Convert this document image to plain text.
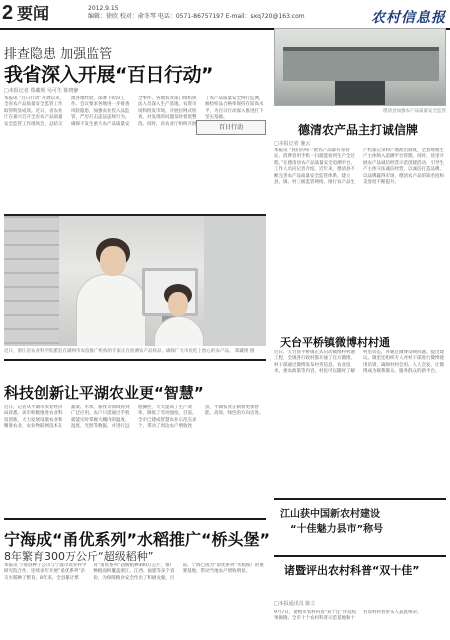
2 要闻	2012.9.15
编辑：徐欣 校对：俞冬琴 电话：0571-86757197 E-mail：sxq720@163.com	农村信息报
排查隐患 加强监管
我省深入开展“百日行动”
□本报记者 郑藏规 吴可生 陈晓静
本报讯 “百日行动”开展以来，全省农产品质量安全监管工作取得明显成效。近日，省农业厅在嘉兴召开全省农产品质量安全监管工作现场会，总结交流各地经验，部署下阶段工作。会议要求各地进一步排查风险隐患，加强农业投入品监管，严厉打击违法违规行为，确保不发生重大农产品质量安全事件。各地农业部门组织执法人员深入生产基地、农资市场和批发市场，开展拉网式检查，对发现的问题及时督促整改。同时，省农业厅组织开展了农产品质量安全例行监测，抽检样品合格率保持在较高水平，为百日行动深入推进打下坚实基础。
百日行动
近日，浙江省农业科学院派驻在湖州市农技推广机构的专家正在检测农产品样品，确保广大市民吃上放心的农产品。 郑藏规 摄
科技创新让平湖农业更“智慧”
近日，记者从平湖市农业经济局获悉，该市积极推进农业科技创新，大力发展设施农业和精准农业，农业物联网技术在蔬菜、水果、畜牧等领域得到广泛应用。农户只需通过手机就能实时掌握大棚内的温度、湿度、光照等数据，并进行远程操控，大大提高了生产效率，降低了劳动强度。目前，全市已建成智慧农业示范点多个，带动了周边农户增收致富，平湖农业正朝着更加智能、高效、绿色的方向迈进。
宁海成“甬优系列”水稻推广“桥头堡”
8年繁育300万公斤“超级稻种”
本报讯 宁海县种子公司与宁波市农业科学研究院合作，连续多年开展“甬优系列”杂交水稻种子繁育。8年来，全县累计繁育“甬优系列”超级稻种300万公斤，推广种植面积覆盖浙江、江西、福建等多个省份，为保障粮食安全作出了积极贡献。目前，宁海已成为“甬优系列”水稻推广的重要基地，带动当地农户增收明显。
德清县加强农产品质量安全监管
德清农产品主打诚信牌
□本报记者 施云
本报讯 “我们的每一批农产品都有身份证，消费者用手机一扫就能看到生产全过程。”在德清县农产品质量安全追溯平台，工作人员向记者介绍。近年来，德清县不断完善农产品质量安全监管体系，建立县、镇、村三级监管网络，推行农产品生产档案记录和产地准出制度，全县规模生产主体纳入追溯平台管理。同时，县里开展农产品诚信经营示范创建活动，引导生产主体守法诚信经营，以诚信打造品牌，以品牌赢得市场，德清农产品的知名度和美誉度不断提升。
天台平桥镇微博村村通
近日，天台县平桥镇正式启动微博村村通工程，全镇各行政村都开通了官方微博，村干部通过微博发布村务信息、农业技术、惠农政策等内容，村民可以随时了解村里动态，并通过微博反映问题、提出建议。镇里还组织专人对村干部进行微博使用培训，确保村村会用、人人会发，让微博成为联系群众、服务群众的新平台。
江山获中国新农村建设
“十佳魅力县市”称号
诸暨评出农村科普“双十佳”
□本报通讯员 陈立
9月7日，诸暨市农村科普“双十佳”评选结果揭晓，全市十个农村科普示范基地和十名农村科普带头人获此殊荣。
